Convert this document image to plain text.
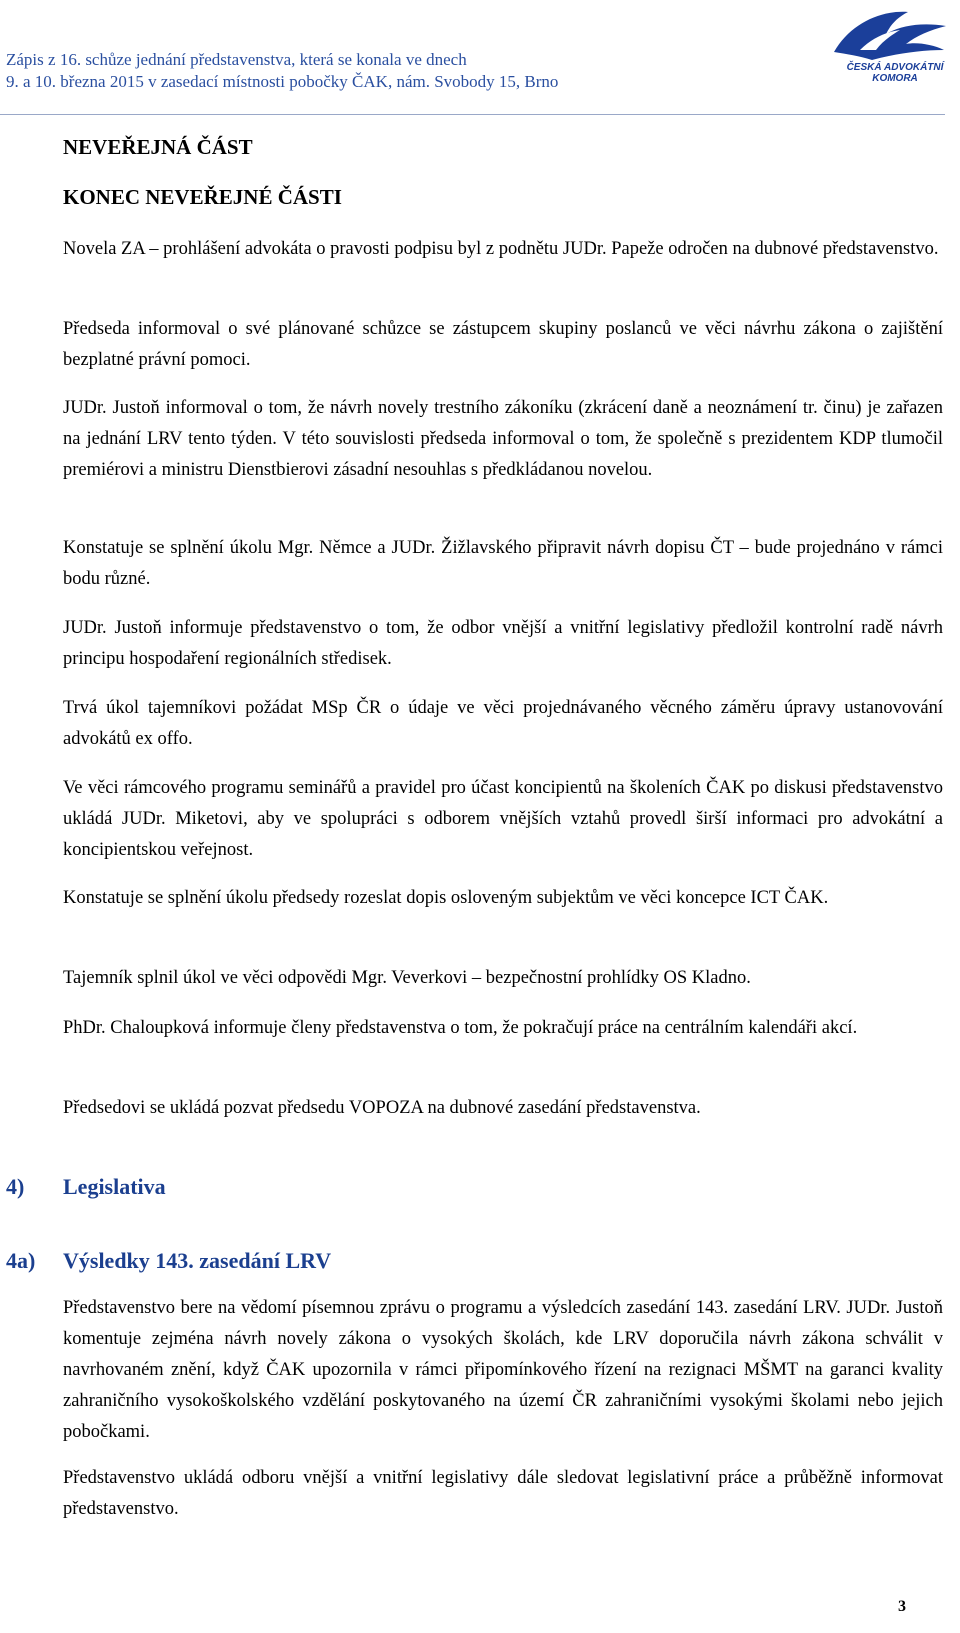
Zápis z 16. schůze jednání představenstva, která se konala ve dnech
9. a 10. března 2015 v zasedací místnosti pobočky ČAK, nám. Svobody 15, Brno
ČESKÁ ADVOKÁTNÍ
KOMORA
NEVEŘEJNÁ ČÁST
KONEC NEVEŘEJNÉ ČÁSTI

Novela ZA – prohlášení advokáta o pravosti podpisu byl z podnětu JUDr. Papeže odročen na dubnové představenstvo.

Předseda informoval o své plánované schůzce se zástupcem skupiny poslanců ve věci návrhu zákona o zajištění bezplatné právní pomoci.

JUDr. Justoň informoval o tom, že návrh novely trestního zákoníku (zkrácení daně a neoznámení tr. činu) je zařazen na jednání LRV tento týden. V této souvislosti předseda informoval o tom, že společně s prezidentem KDP tlumočil premiérovi a ministru Dienstbierovi zásadní nesouhlas s předkládanou novelou.

Konstatuje se splnění úkolu Mgr. Němce a JUDr. Žižlavského připravit návrh dopisu ČT – bude projednáno v rámci bodu různé.

JUDr. Justoň informuje představenstvo o tom, že odbor vnější a vnitřní legislativy předložil kontrolní radě návrh principu hospodaření regionálních středisek.

Trvá úkol tajemníkovi požádat MSp ČR o údaje ve věci projednávaného věcného záměru úpravy ustanovování advokátů ex offo.

Ve věci rámcového programu seminářů a pravidel pro účast koncipientů na školeních ČAK po diskusi představenstvo ukládá JUDr. Miketovi, aby ve spolupráci s odborem vnějších vztahů provedl širší informaci pro advokátní a koncipientskou veřejnost.

Konstatuje se splnění úkolu předsedy rozeslat dopis osloveným subjektům ve věci koncepce ICT ČAK.

Tajemník splnil úkol ve věci odpovědi Mgr. Veverkovi – bezpečnostní prohlídky OS Kladno.

PhDr. Chaloupková informuje členy představenstva o tom, že pokračují práce na centrálním kalendáři akcí.

Předsedovi se ukládá pozvat předsedu VOPOZA na dubnové zasedání představenstva.

4) Legislativa
4a) Výsledky 143. zasedání LRV

Představenstvo bere na vědomí písemnou zprávu o programu a výsledcích zasedání 143. zasedání LRV. JUDr. Justoň komentuje zejména návrh novely zákona o vysokých školách, kde LRV doporučila návrh zákona schválit v navrhovaném znění, když ČAK upozornila v rámci připomínkového řízení na rezignaci MŠMT na garanci kvality zahraničního vysokoškolského vzdělání poskytovaného na území ČR zahraničními vysokými školami nebo jejich pobočkami.

Představenstvo ukládá odboru vnější a vnitřní legislativy dále sledovat legislativní práce a průběžně informovat představenstvo.

3
